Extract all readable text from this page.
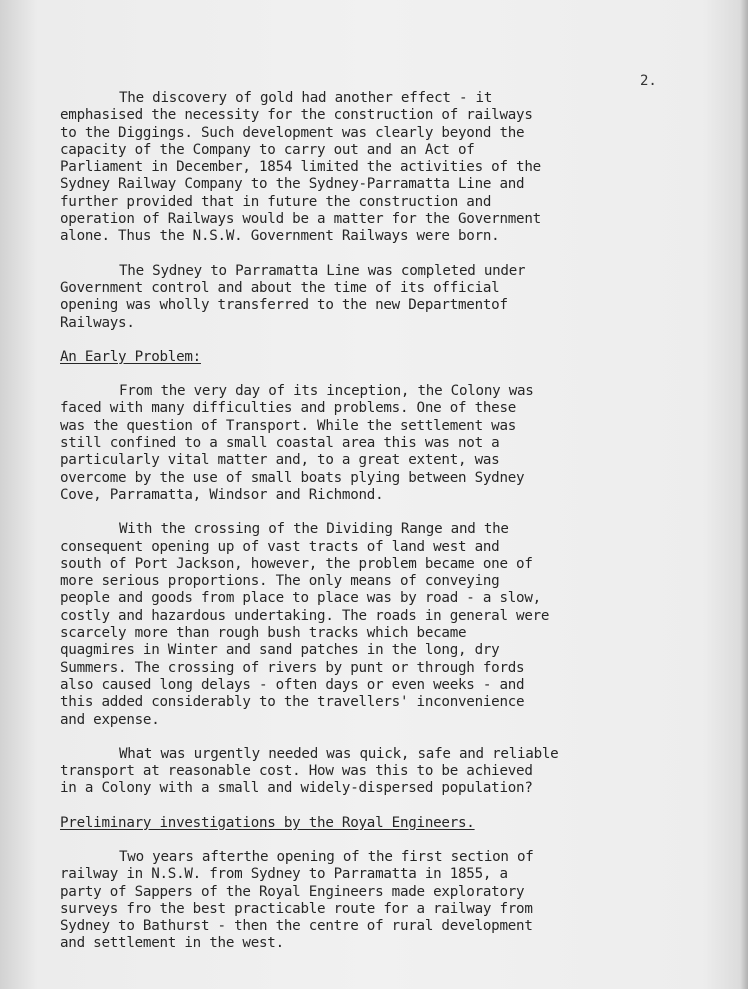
2.

The discovery of gold had another effect - it
emphasised the necessity for the construction of railways
to the Diggings. Such development was clearly beyond the
capacity of the Company to carry out and an Act of
Parliament in December, 1854 limited the activities of the
Sydney Railway Company to the Sydney-Parramatta Line and
further provided that in future the construction and
operation of Railways would be a matter for the Government
alone. Thus the N.S.W. Government Railways were born.

The Sydney to Parramatta Line was completed under
Government control and about the time of its official
opening was wholly transferred to the new Departmentof
Railways.

An Early Problem:

From the very day of its inception, the Colony was
faced with many difficulties and problems. One of these
was the question of Transport. While the settlement was
still confined to a small coastal area this was not a
particularly vital matter and, to a great extent, was
overcome by the use of small boats plying between Sydney
Cove, Parramatta, Windsor and Richmond.

With the crossing of the Dividing Range and the
consequent opening up of vast tracts of land west and
south of Port Jackson, however, the problem became one of
more serious proportions. The only means of conveying
people and goods from place to place was by road - a slow,
costly and hazardous undertaking. The roads in general were
scarcely more than rough bush tracks which became
quagmires in Winter and sand patches in the long, dry
Summers. The crossing of rivers by punt or through fords
also caused long delays - often days or even weeks - and
this added considerably to the travellers' inconvenience
and expense.

What was urgently needed was quick, safe and reliable
transport at reasonable cost. How was this to be achieved
in a Colony with a small and widely-dispersed population?

Preliminary investigations by the Royal Engineers.

Two years afterthe opening of the first section of
railway in N.S.W. from Sydney to Parramatta in 1855, a
party of Sappers of the Royal Engineers made exploratory
surveys fro the best practicable route for a railway from
Sydney to Bathurst - then the centre of rural development
and settlement in the west.
